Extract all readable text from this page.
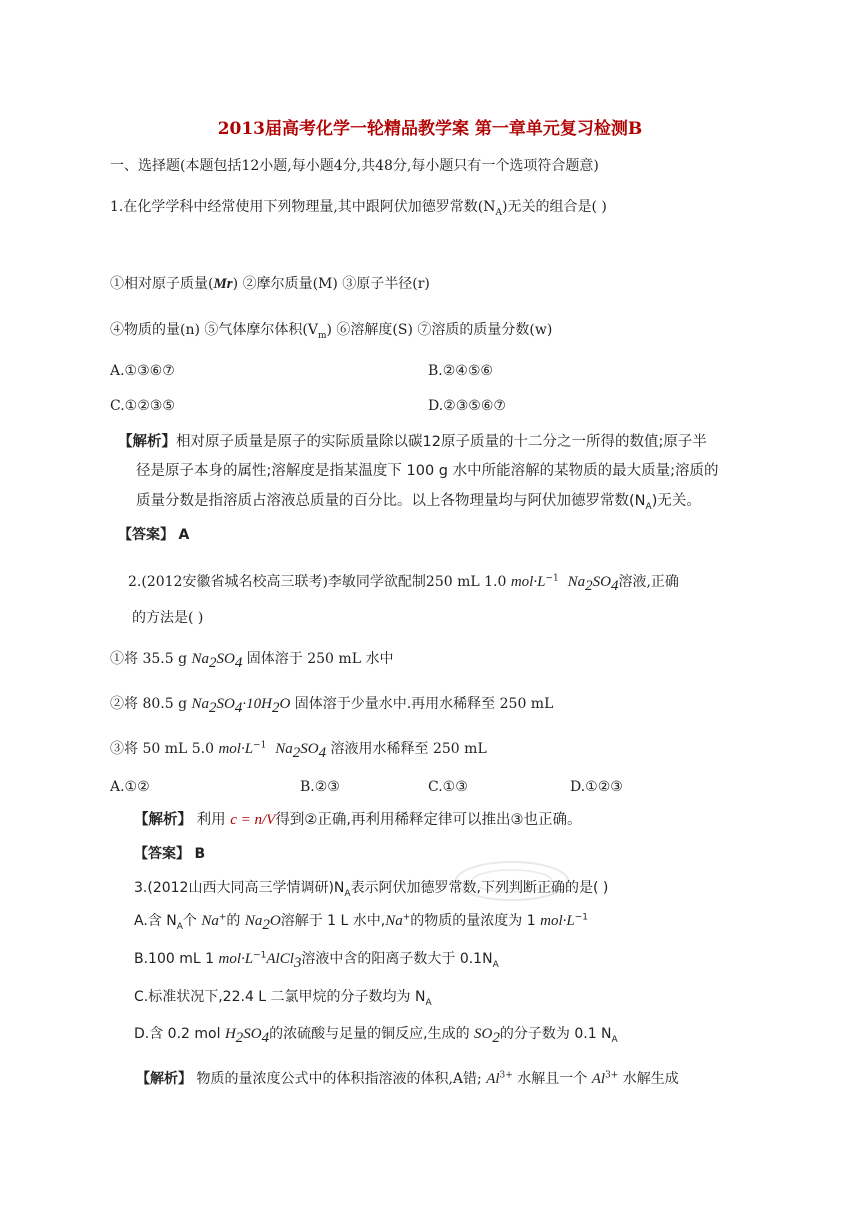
2013届高考化学一轮精品教学案 第一章单元复习检测B
一、选择题(本题包括12小题,每小题4分,共48分,每小题只有一个选项符合题意)
1.在化学学科中经常使用下列物理量,其中跟阿伏加德罗常数$(N_A)$无关的组合是( )
①相对原子质量(Mr) ②摩尔质量(M) ③原子半径(r)
④物质的量(n) ⑤气体摩尔体积$(V_m)$ ⑥溶解度(S) ⑦溶质的质量分数(w)
A.①③⑥⑦	B.②④⑤⑥
C.①②③⑤	D.②③⑤⑥⑦
【解析】相对原子质量是原子的实际质量除以碳12原子质量的十二分之一所得的数值;原子半
径是原子本身的属性;溶解度是指某温度下 100 g 水中所能溶解的某物质的最大质量;溶质的
质量分数是指溶质占溶液总质量的百分比。以上各物理量均与阿伏加德罗常数$(N_A)$无关。
【答案】 A
2.(2012安徽省城名校高三联考)李敏同学欲配制250 mL 1.0 $mol\cdot L^{-1}$ $Na_2SO_4$溶液,正确
的方法是( )
①将 35.5 g $Na_2SO_4$ 固体溶于 250 mL 水中
②将 80.5 g $Na_2SO_4\cdot 10H_2O$ 固体溶于少量水中.再用水稀释至 250 mL
③将 50 mL 5.0 $mol\cdot L^{-1}$ $Na_2SO_4$ 溶液用水稀释至 250 mL
A.①②	B.②③	C.①③	D.①②③
【解析】 利用 c = n/V得到②正确,再利用稀释定律可以推出③也正确。
【答案】 B
3.(2012山西大同高三学情调研)$N_A$表示阿伏加德罗常数,下列判断正确的是( )
A.含 $N_A$个 Na+的 $Na_2O$溶解于 1 L 水中,Na+的物质的量浓度为 1 $mol\cdot L^{-1}$
B.100 mL 1 $mol\cdot L^{-1}AlCl_3$溶液中含的阳离子数大于 $0.1N_A$
C.标准状况下,22.4 L 二氯甲烷的分子数均为 $N_A$
D.含 0.2 mol $H_2SO_4$的浓硫酸与足量的铜反应,生成的 $SO_2$的分子数为 0.1 $N_A$
【解析】 物质的量浓度公式中的体积指溶液的体积,A错; $Al^{3+}$ 水解且一个 $Al^{3+}$ 水解生成
